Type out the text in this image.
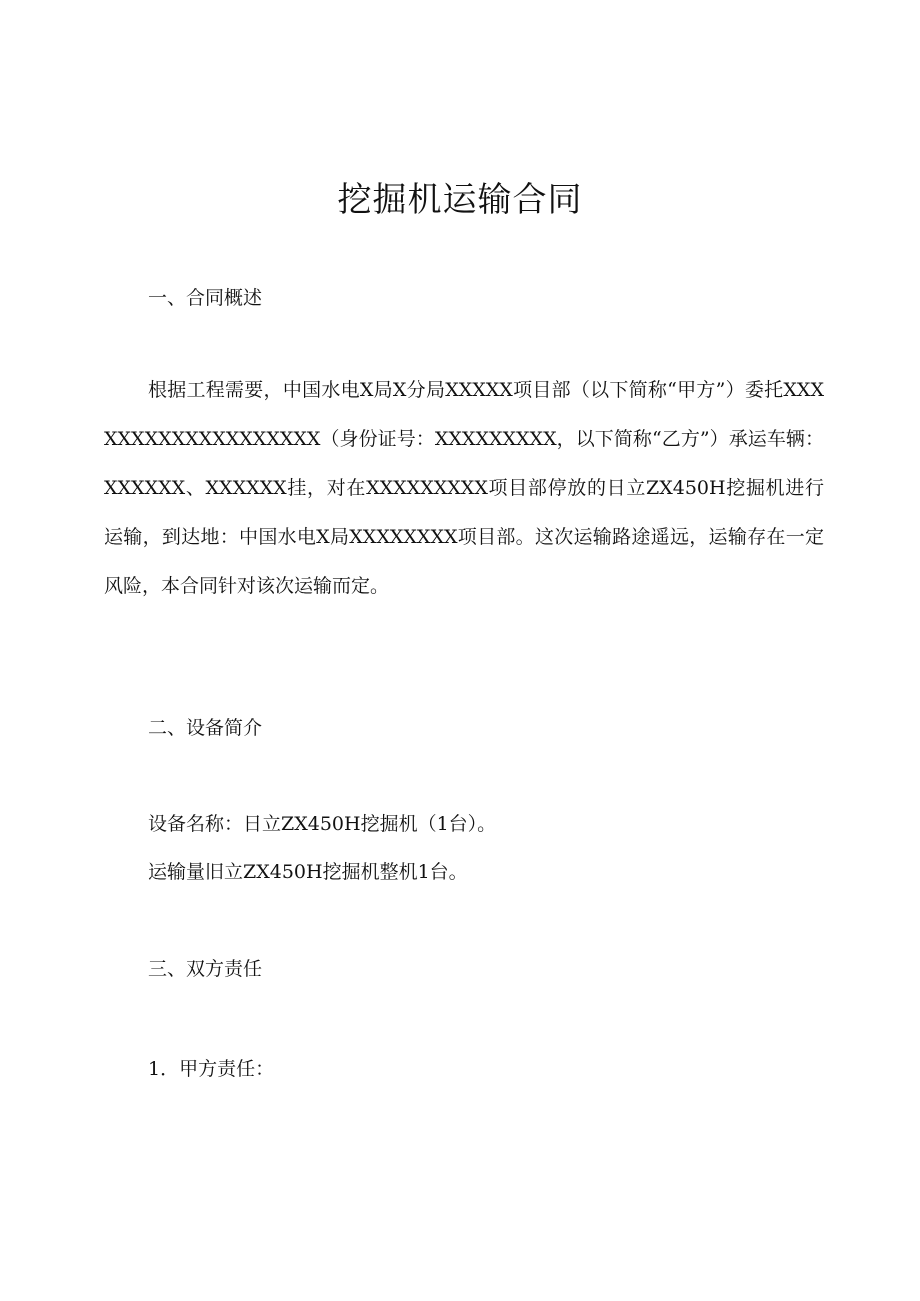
挖掘机运输合同
一、合同概述
根据工程需要，中国水电X局X分局XXXXX项目部（以下简称“甲方”）委托XXXXXXXXXXXXXXXXXXX（身份证号：XXXXXXXXX，以下简称“乙方”）承运车辆：XXXXXX、XXXXXX挂，对在XXXXXXXXX项目部停放的日立ZX450H挖掘机进行运输，到达地：中国水电X局XXXXXXXX项目部。这次运输路途遥远，运输存在一定风险，本合同针对该次运输而定。
二、设备简介
设备名称：日立ZX450H挖掘机（1台）。
运输量旧立ZX450H挖掘机整机1台。
三、双方责任
1．甲方责任：
